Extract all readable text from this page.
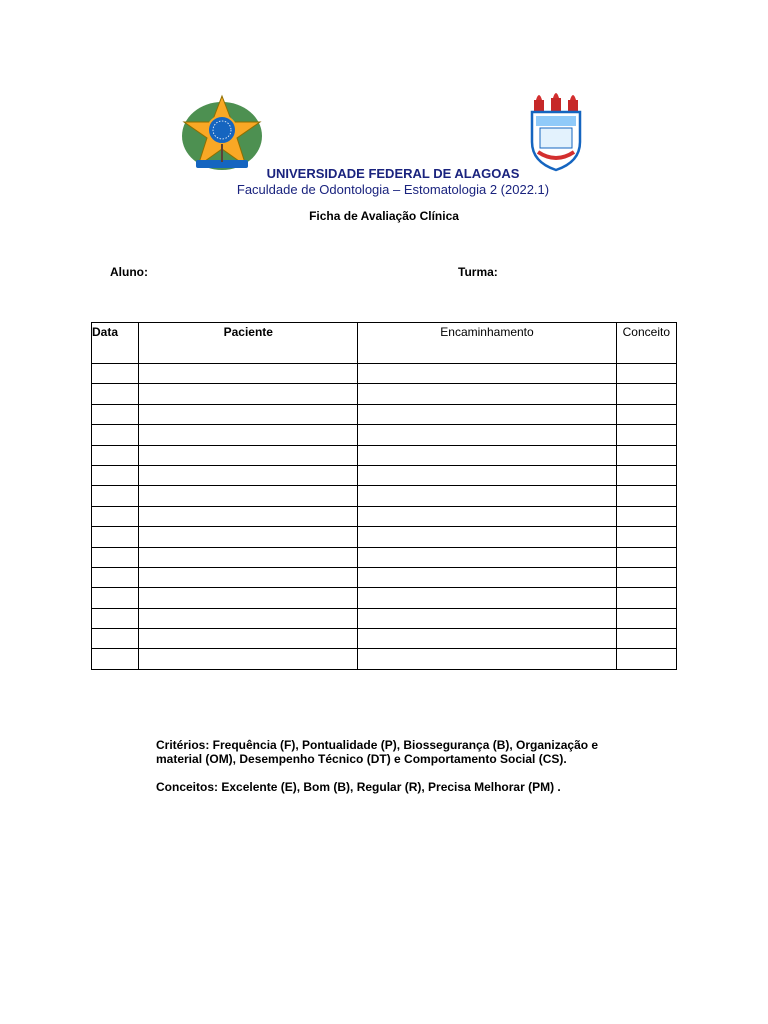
UNIVERSIDADE FEDERAL DE ALAGOAS
Faculdade de Odontologia – Estomatologia 2 (2022.1)
Ficha de Avaliação Clínica
Aluno:	Turma:
Data	Paciente	Encaminhamento	Conceito

Critérios: Frequência (F), Pontualidade (P), Biossegurança (B), Organização e material (OM), Desempenho Técnico (DT) e Comportamento Social (CS).
Conceitos: Excelente (E), Bom (B), Regular (R), Precisa Melhorar (PM) .
